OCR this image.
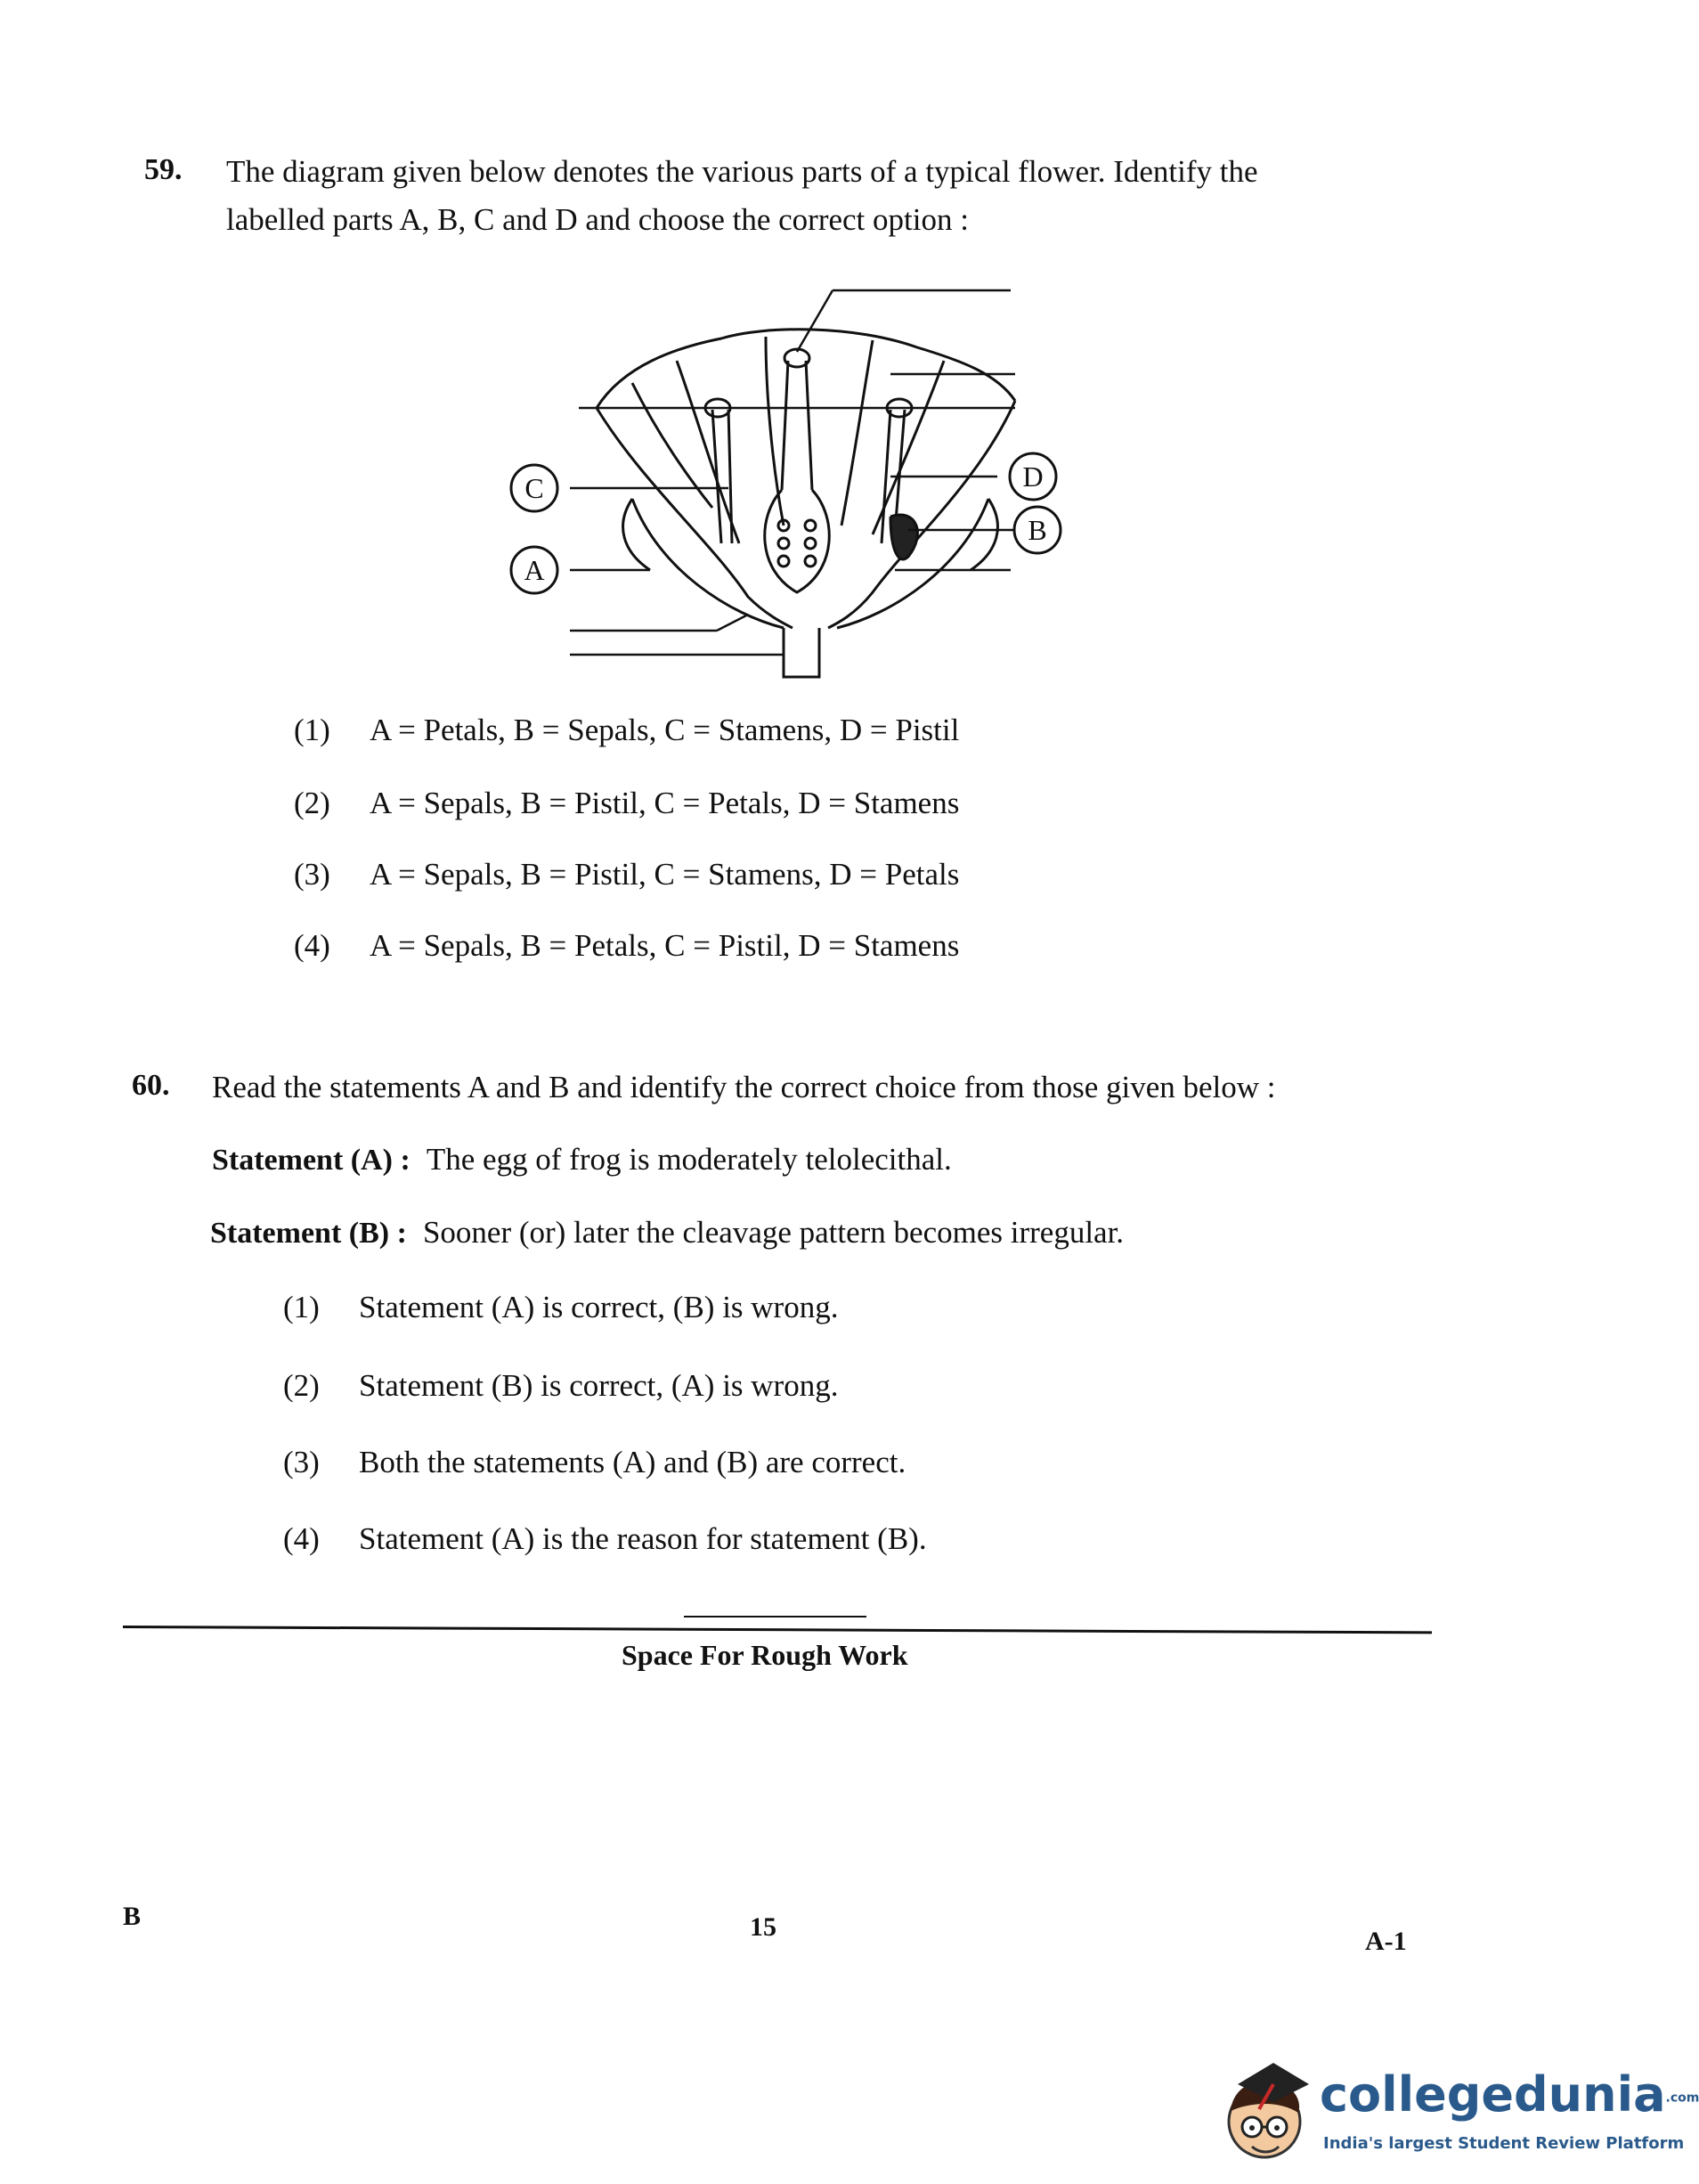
59. The diagram given below denotes the various parts of a typical flower. Identify the
labelled parts A, B, C and D and choose the correct option :
C
A
D
B
(1) A = Petals, B = Sepals, C = Stamens, D = Pistil
(2) A = Sepals, B = Pistil, C = Petals, D = Stamens
(3) A = Sepals, B = Pistil, C = Stamens, D = Petals
(4) A = Sepals, B = Petals, C = Pistil, D = Stamens
60. Read the statements A and B and identify the correct choice from those given below :
Statement (A) : The egg of frog is moderately telolecithal.
Statement (B) : Sooner (or) later the cleavage pattern becomes irregular.
(1) Statement (A) is correct, (B) is wrong.
(2) Statement (B) is correct, (A) is wrong.
(3) Both the statements (A) and (B) are correct.
(4) Statement (A) is the reason for statement (B).
Space For Rough Work
B	15	A-1
collegedunia.com
India's largest Student Review Platform
